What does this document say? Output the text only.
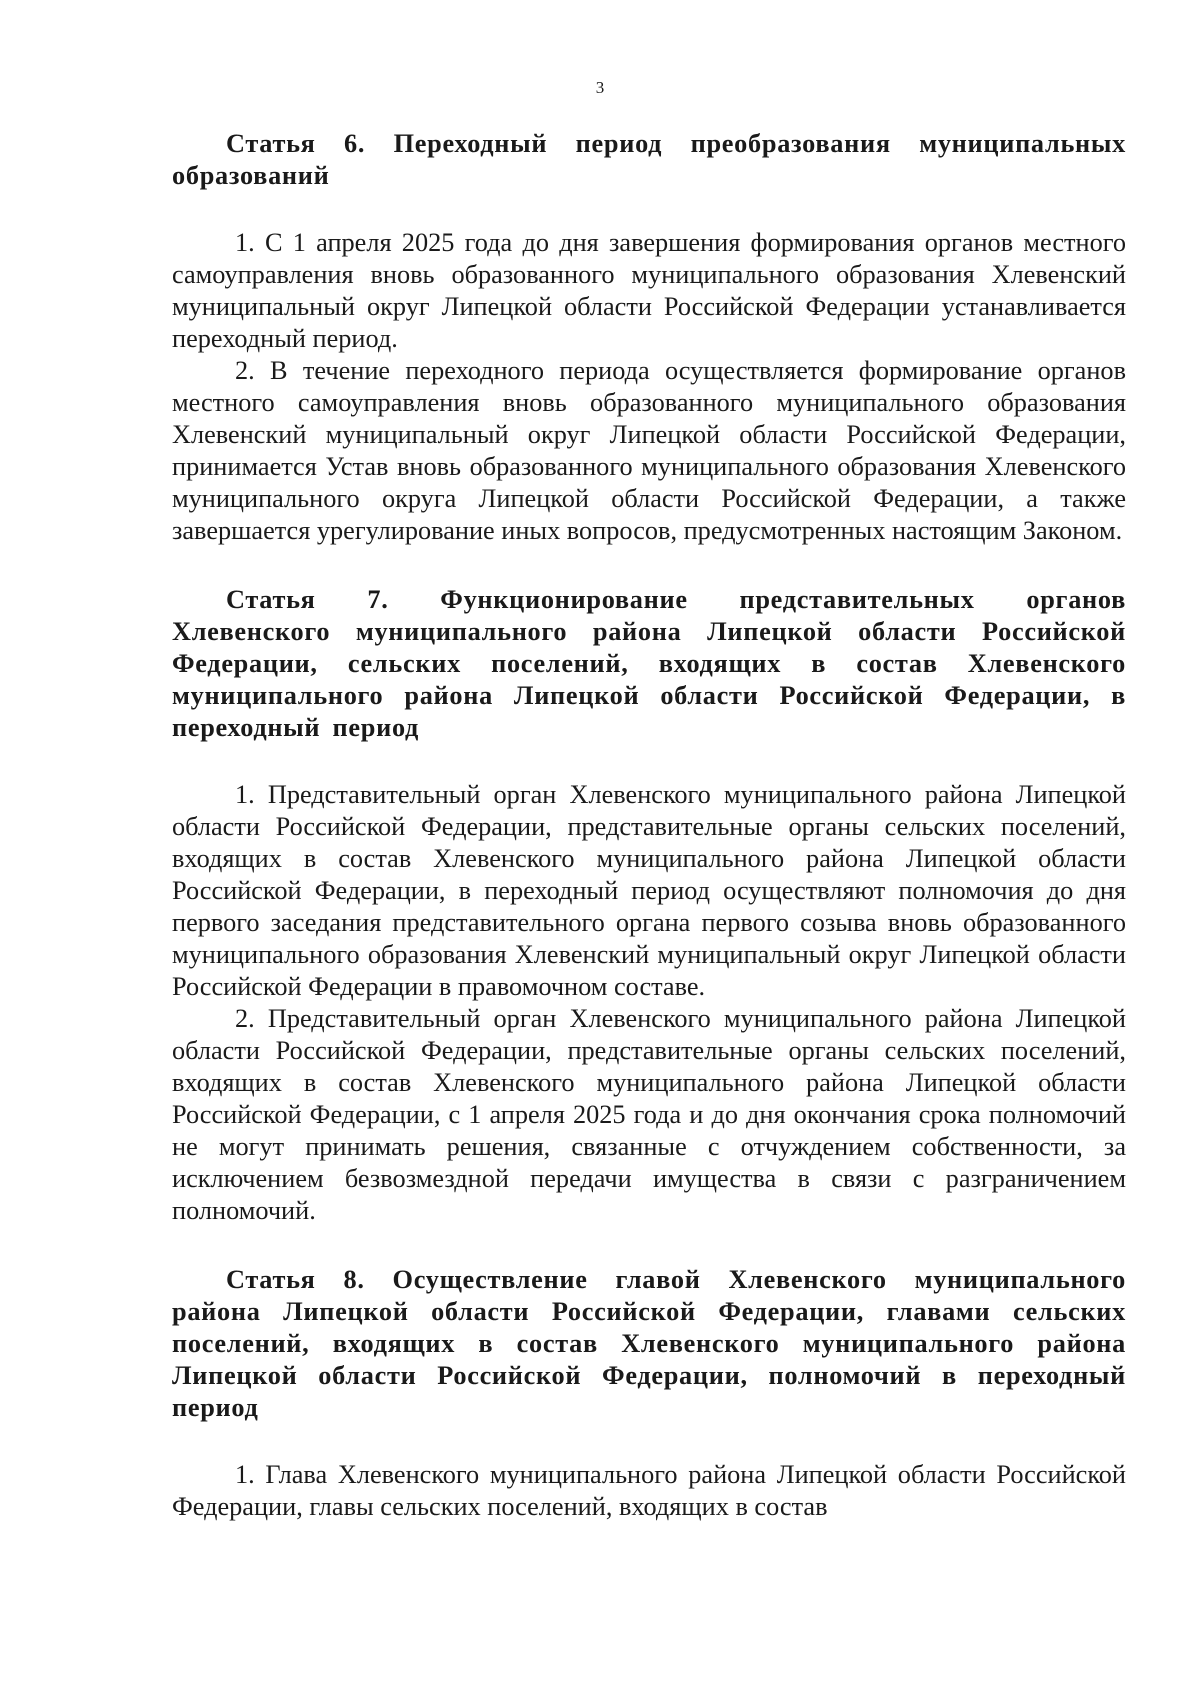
3

Статья 6. Переходный период преобразования муниципальных образований

1. С 1 апреля 2025 года до дня завершения формирования органов местного самоуправления вновь образованного муниципального образования Хлевенский муниципальный округ Липецкой области Российской Федерации устанавливается переходный период.

2. В течение переходного периода осуществляется формирование органов местного самоуправления вновь образованного муниципального образования Хлевенский муниципальный округ Липецкой области Российской Федерации, принимается Устав вновь образованного муниципального образования Хлевенского муниципального округа Липецкой области Российской Федерации, а также завершается урегулирование иных вопросов, предусмотренных настоящим Законом.

Статья 7. Функционирование представительных органов Хлевенского муниципального района Липецкой области Российской Федерации, сельских поселений, входящих в состав Хлевенского муниципального района Липецкой области Российской Федерации, в переходный период

1. Представительный орган Хлевенского муниципального района Липецкой области Российской Федерации, представительные органы сельских поселений, входящих в состав Хлевенского муниципального района Липецкой области Российской Федерации, в переходный период осуществляют полномочия до дня первого заседания представительного органа первого созыва вновь образованного муниципального образования Хлевенский муниципальный округ Липецкой области Российской Федерации в правомочном составе.

2. Представительный орган Хлевенского муниципального района Липецкой области Российской Федерации, представительные органы сельских поселений, входящих в состав Хлевенского муниципального района Липецкой области Российской Федерации, с 1 апреля 2025 года и до дня окончания срока полномочий не могут принимать решения, связанные с отчуждением собственности, за исключением безвозмездной передачи имущества в связи с разграничением полномочий.

Статья 8. Осуществление главой Хлевенского муниципального района Липецкой области Российской Федерации, главами сельских поселений, входящих в состав Хлевенского муниципального района Липецкой области Российской Федерации, полномочий в переходный период

1. Глава Хлевенского муниципального района Липецкой области Российской Федерации, главы сельских поселений, входящих в состав
